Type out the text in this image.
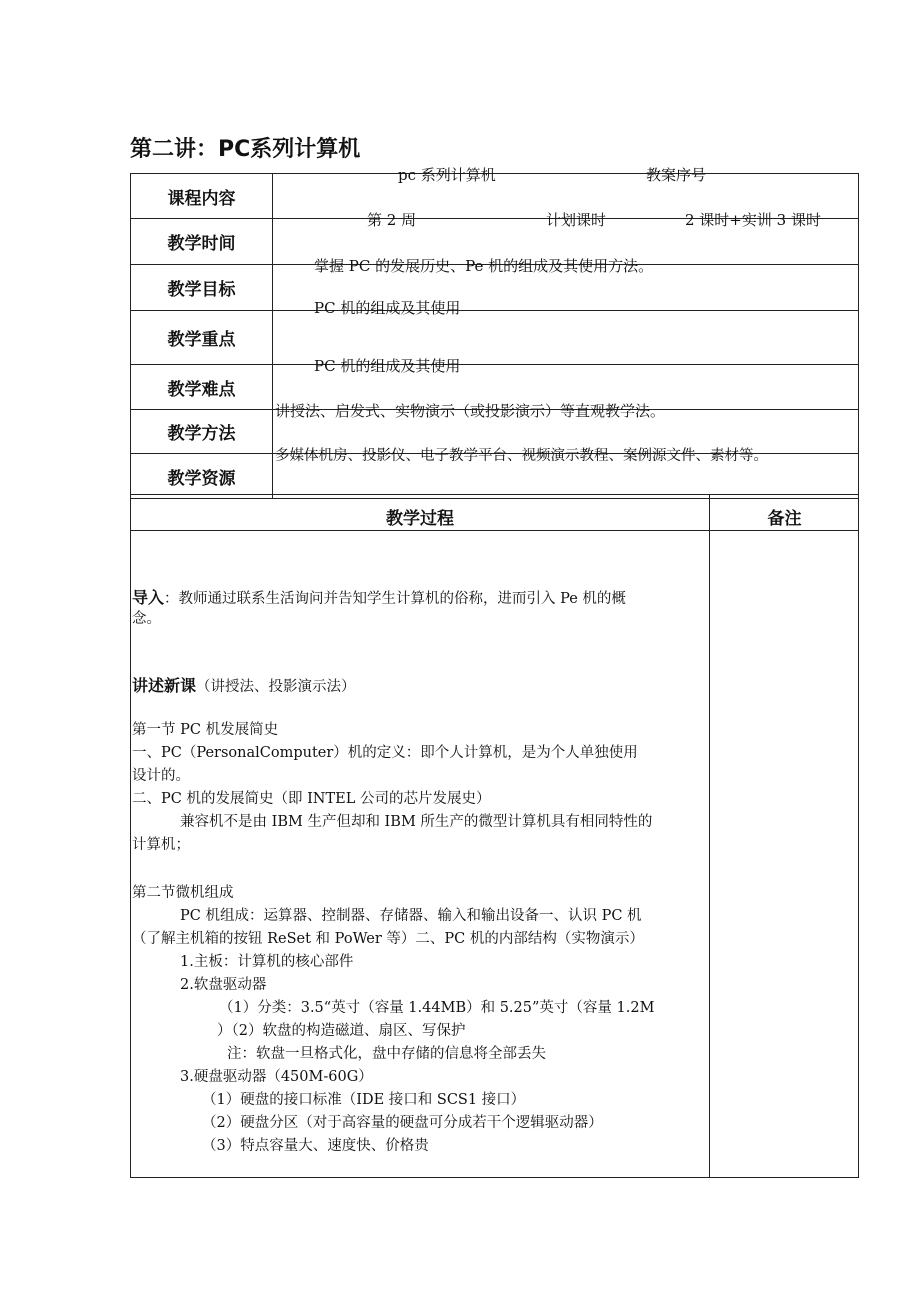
第二讲：PC系列计算机
课程内容	pc 系列计算机 教案序号

教学时间	第 2 周 计划课时 2 课时+实训 3 课时

教学目标	掌握 PC 的发展历史、Pe 机的组成及其使用方法。

教学重点	PC 机的组成及其使用

教学难点	PC 机的组成及其使用

教学方法	讲授法、启发式、实物演示（或投影演示）等直观教学法。

教学资源	多媒体机房、投影仪、电子教学平台、视频演示教程、案例源文件、素材等。
教学过程	备注
导入：教师通过联系生活询问并告知学生计算机的俗称，进而引入 Pe 机的概
念。
讲述新课（讲授法、投影演示法）
第一节 PC 机发展简史
一、PC（PersonalComputer）机的定义：即个人计算机，是为个人单独使用
设计的。
二、PC 机的发展简史（即 INTEL 公司的芯片发展史）
兼容机不是由 IBM 生产但却和 IBM 所生产的微型计算机具有相同特性的
计算机；
第二节微机组成
PC 机组成：运算器、控制器、存储器、输入和输出设备一、认识 PC 机
（了解主机箱的按钮 ReSet 和 PoWer 等）二、PC 机的内部结构（实物演示）
1.主板：计算机的核心部件
2.软盘驱动器
（1）分类：3.5“英寸（容量 1.44MB）和 5.25”英寸（容量 1.2M
）（2）软盘的构造磁道、扇区、写保护
注：软盘一旦格式化，盘中存储的信息将全部丢失
3.硬盘驱动器（450M-60G）
（1）硬盘的接口标准（IDE 接口和 SCS1 接口）
（2）硬盘分区（对于高容量的硬盘可分成若干个逻辑驱动器）
（3）特点容量大、速度快、价格贵
